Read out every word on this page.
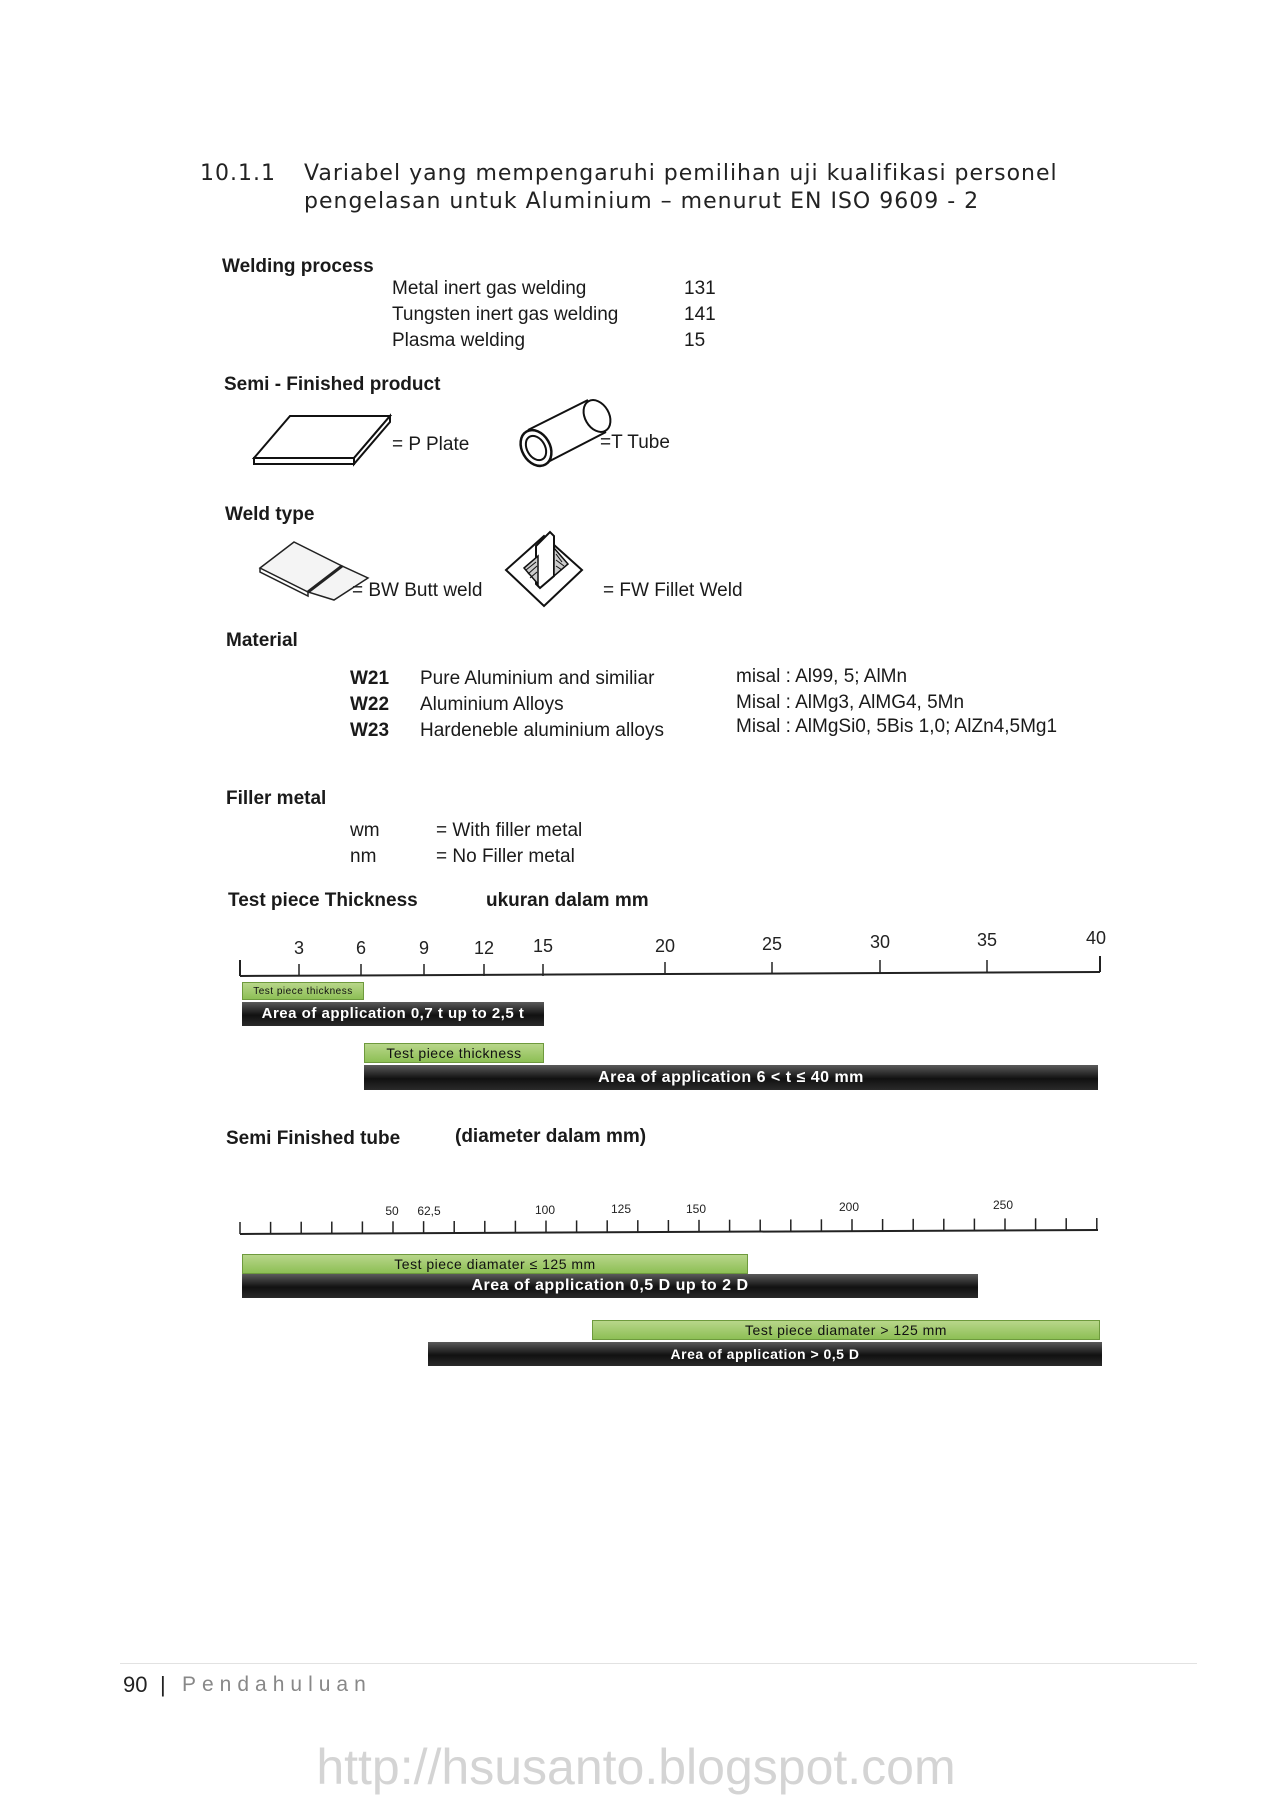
10.1.1 Variabel yang mempengaruhi pemilihan uji kualifikasi personel
pengelasan untuk Aluminium – menurut EN ISO 9609 - 2
Welding process
Metal inert gas welding	131
Tungsten inert gas welding	141
Plasma welding	15
Semi - Finished product
= P Plate	=T Tube
Weld type
= BW Butt weld	= FW Fillet Weld
Material
W21 Pure Aluminium and similiar	misal : Al99, 5; AlMn
W22 Aluminium Alloys	Misal : AlMg3, AlMG4, 5Mn
W23 Hardeneble aluminium alloys	Misal : AlMgSi0, 5Bis 1,0; AlZn4,5Mg1
Filler metal
wm	= With filler metal
nm	= No Filler metal
Test piece Thickness	ukuran dalam mm
3	6	9	12	15	20	25	30	35	40
Test piece thickness
Area of application 0,7 t up to 2,5 t
Test piece thickness
Area of application 6 < t ≤ 40 mm
Semi Finished tube	(diameter dalam mm)
50	62,5	100	125	150	200	250
Test piece diamater ≤ 125 mm
Area of application 0,5 D up to 2 D
Test piece diamater > 125 mm
Area of application > 0,5 D
90 | Pendahuluan
http://hsusanto.blogspot.com
